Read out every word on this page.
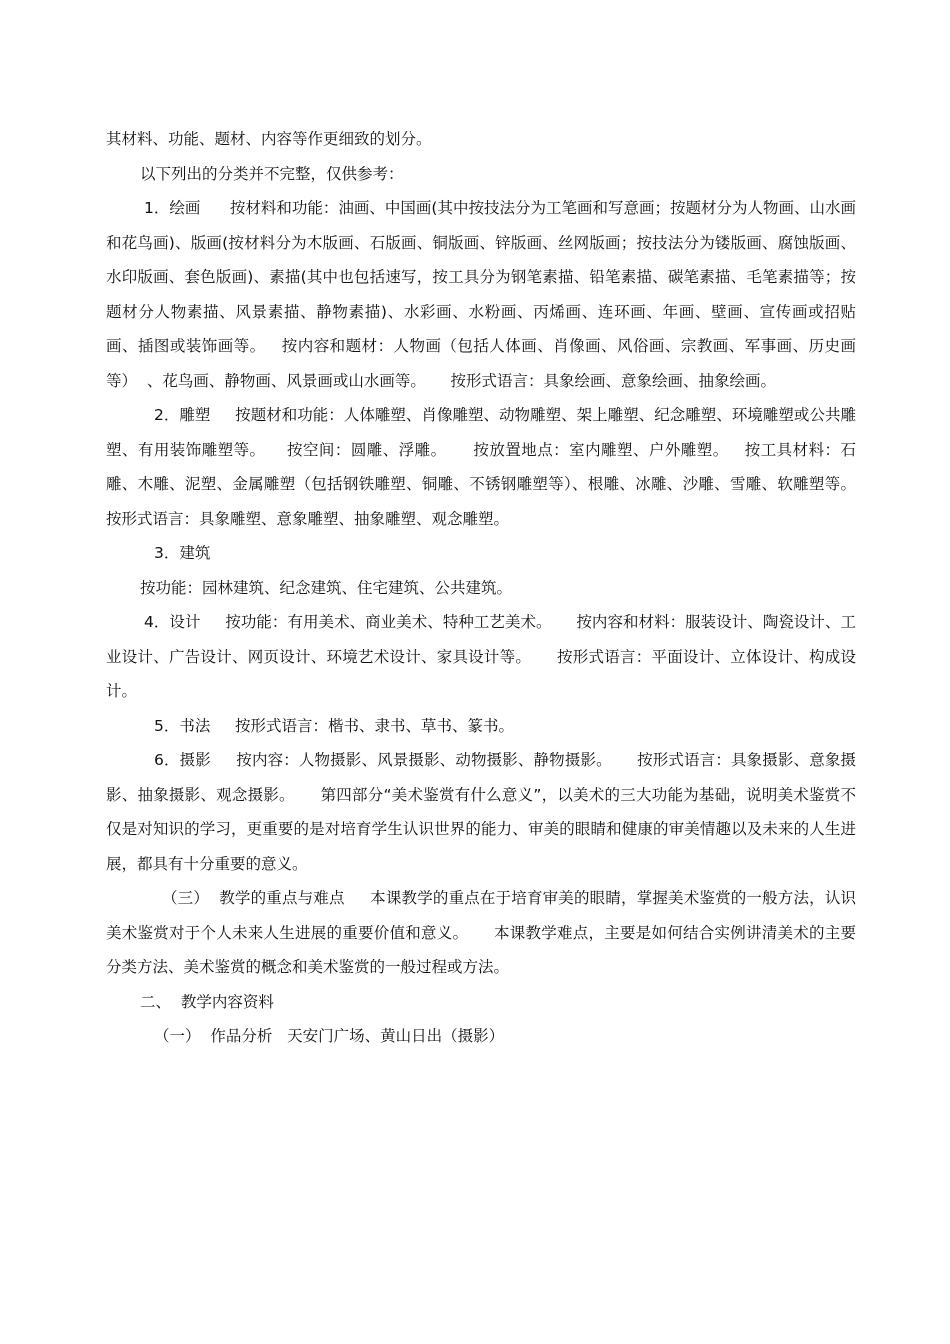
其材料、功能、题材、内容等作更细致的划分。

以下列出的分类并不完整，仅供参考：

1．绘画      按材料和功能：油画、中国画(其中按技法分为工笔画和写意画；按题材分为人物画、山水画和花鸟画)、版画(按材料分为木版画、石版画、铜版画、锌版画、丝网版画；按技法分为镂版画、腐蚀版画、水印版画、套色版画)、素描(其中也包括速写，按工具分为钢笔素描、铅笔素描、碳笔素描、毛笔素描等；按题材分人物素描、风景素描、静物素描)、水彩画、水粉画、丙烯画、连环画、年画、壁画、宣传画或招贴画、插图或装饰画等。   按内容和题材：人物画（包括人体画、肖像画、风俗画、宗教画、军事画、历史画等）  、花鸟画、静物画、风景画或山水画等。     按形式语言：具象绘画、意象绘画、抽象绘画。

2．雕塑     按题材和功能：人体雕塑、肖像雕塑、动物雕塑、架上雕塑、纪念雕塑、环境雕塑或公共雕塑、有用装饰雕塑等。    按空间：圆雕、浮雕。     按放置地点：室内雕塑、户外雕塑。   按工具材料：石雕、木雕、泥塑、金属雕塑（包括钢铁雕塑、铜雕、不锈钢雕塑等）、根雕、冰雕、沙雕、雪雕、软雕塑等。     按形式语言：具象雕塑、意象雕塑、抽象雕塑、观念雕塑。

3．建筑

按功能：园林建筑、纪念建筑、住宅建筑、公共建筑。

4．设计     按功能：有用美术、商业美术、特种工艺美术。     按内容和材料：服装设计、陶瓷设计、工业设计、广告设计、网页设计、环境艺术设计、家具设计等。     按形式语言：平面设计、立体设计、构成设计。

5．书法     按形式语言：楷书、隶书、草书、篆书。

6．摄影     按内容：人物摄影、风景摄影、动物摄影、静物摄影。     按形式语言：具象摄影、意象摄影、抽象摄影、观念摄影。     第四部分“美术鉴赏有什么意义”，以美术的三大功能为基础，说明美术鉴赏不仅是对知识的学习，更重要的是对培育学生认识世界的能力、审美的眼睛和健康的审美情趣以及未来的人生进展，都具有十分重要的意义。

（三）  教学的重点与难点     本课教学的重点在于培育审美的眼睛，掌握美术鉴赏的一般方法，认识美术鉴赏对于个人未来人生进展的重要价值和意义。     本课教学难点，主要是如何结合实例讲清美术的主要分类方法、美术鉴赏的概念和美术鉴赏的一般过程或方法。

二、  教学内容资料

（一）  作品分析   天安门广场、黄山日出（摄影）
